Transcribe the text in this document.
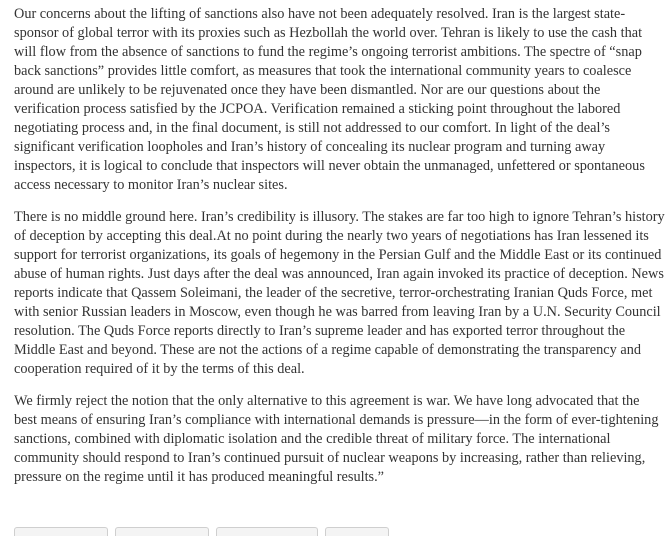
Our concerns about the lifting of sanctions also have not been adequately resolved. Iran is the largest state-sponsor of global terror with its proxies such as Hezbollah the world over. Tehran is likely to use the cash that will flow from the absence of sanctions to fund the regime’s ongoing terrorist ambitions. The spectre of “snap back sanctions” provides little comfort, as measures that took the international community years to coalesce around are unlikely to be rejuvenated once they have been dismantled. Nor are our questions about the verification process satisfied by the JCPOA. Verification remained a sticking point throughout the labored negotiating process and, in the final document, is still not addressed to our comfort. In light of the deal’s significant verification loopholes and Iran’s history of concealing its nuclear program and turning away inspectors, it is logical to conclude that inspectors will never obtain the unmanaged, unfettered or spontaneous access necessary to monitor Iran’s nuclear sites.

There is no middle ground here. Iran’s credibility is illusory. The stakes are far too high to ignore Tehran’s history of deception by accepting this deal.At no point during the nearly two years of negotiations has Iran lessened its support for terrorist organizations, its goals of hegemony in the Persian Gulf and the Middle East or its continued abuse of human rights. Just days after the deal was announced, Iran again invoked its practice of deception. News reports indicate that Qassem Soleimani, the leader of the secretive, terror-orchestrating Iranian Quds Force, met with senior Russian leaders in Moscow, even though he was barred from leaving Iran by a U.N. Security Council resolution. The Quds Force reports directly to Iran’s supreme leader and has exported terror throughout the Middle East and beyond. These are not the actions of a regime capable of demonstrating the transparency and cooperation required of it by the terms of this deal.

We firmly reject the notion that the only alternative to this agreement is war. We have long advocated that the best means of ensuring Iran’s compliance with international demands is pressure—in the form of ever-tightening sanctions, combined with diplomatic isolation and the credible threat of military force. The international community should respond to Iran’s continued pursuit of nuclear weapons by increasing, rather than relieving, pressure on the regime until it has produced meaningful results.”
